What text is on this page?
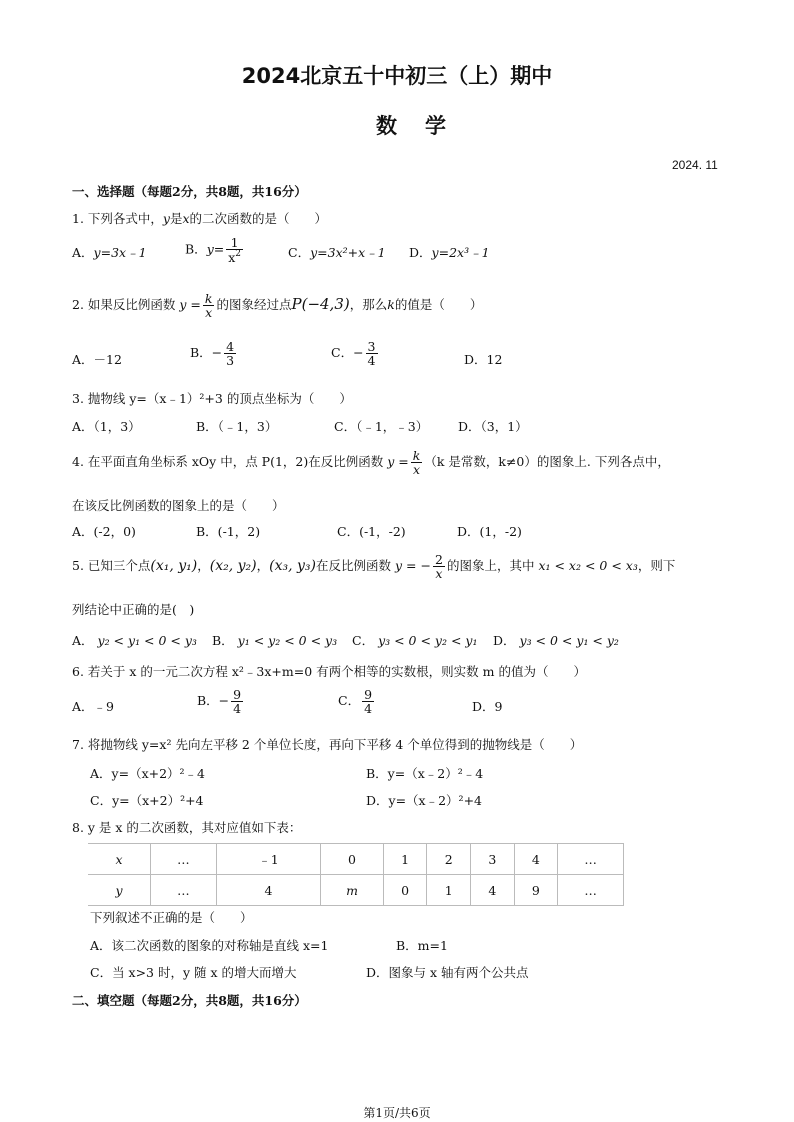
2024北京五十中初三（上）期中
数学
2024. 11
一、选择题（每题2分，共8题，共16分）
1. 下列各式中，y是x的二次函数的是（　　）
A．y=3x﹣1	B．$y= \frac{1}{x^2}$	C．y=3x²+x﹣1 D．y=2x³﹣1
2. 如果反比例函数 $y = \frac{k}{x}$ 的图象经过点P(−4,3)，那么k的值是（　　）
A．－12	B．− $\frac{4}{3}$	C．− $\frac{3}{4}$	D．12
3. 抛物线 y=（x﹣1）²+3 的顶点坐标为（　　）
A．（1，3）	B．（﹣1，3）	C．（﹣1，﹣3） D．（3，1）
4. 在平面直角坐标系 xOy 中，点 P(1，2)在反比例函数 $y = \frac{k}{x} (k$ 是常数，k≠0）的图象上. 下列各点中，
在该反比例函数的图象上的是（　　）
A．(-2，0)	B．(-1，2)	C．(-1，-2)	D．(1，-2)
5. 已知三个点(x₁, y₁)，(x₂, y₂)，(x₃, y₃)在反比例函数 y = − $\frac{2}{x}$ 的图象上，其中 x₁ < x₂ < 0 < x₃，则下
列结论中正确的是(　)
A． y₂ < y₁ < 0 < y₃ B． y₁ < y₂ < 0 < y₃ C． y₃ < 0 < y₂ < y₁ D． y₃ < 0 < y₁ < y₂
6. 若关于 x 的一元二次方程 x²﹣3x+m=0 有两个相等的实数根，则实数 m 的值为（　　）
A．﹣9	B．− $\frac{9}{4}$	C． $\frac{9}{4}$	D．9
7. 将抛物线 y=x² 先向左平移 2 个单位长度，再向下平移 4 个单位得到的抛物线是（　　）
A．y=（x+2）²﹣4	B．y=（x﹣2）²﹣4
C．y=（x+2）²+4	D．y=（x﹣2）²+4
8. y 是 x 的二次函数，其对应值如下表：
x	…	﹣1	0	1	2	3	4	…
y	…	4	m	0	1	4	9	…
下列叙述不正确的是（　　）
A．该二次函数的图象的对称轴是直线 x=1	B．m=1
C．当 x>3 时，y 随 x 的增大而增大	D．图象与 x 轴有两个公共点
二、填空题（每题2分，共8题，共16分）
第1页/共6页
